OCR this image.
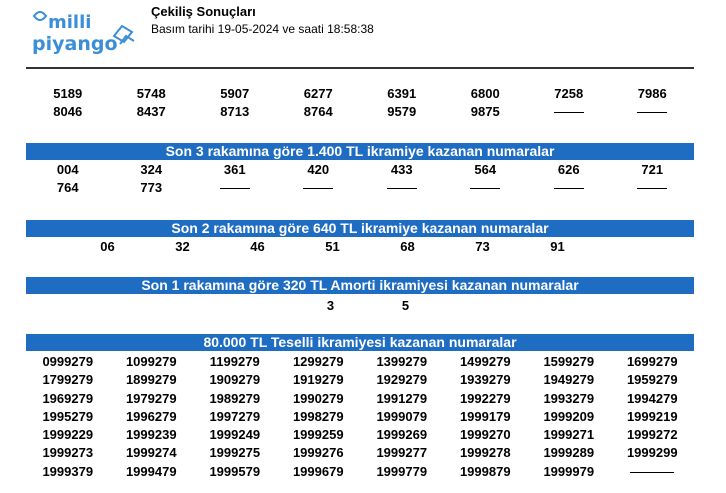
milli
piyango
Çekiliş Sonuçları
Basım tarihi 19-05-2024 ve saati 18:58:38
5189	5748	5907	6277	6391	6800	7258	7986
8046	8437	8713	8764	9579	9875
Son 3 rakamına göre 1.400 TL ikramiye kazanan numaralar
004	324	361	420	433	564	626	721
764	773
Son 2 rakamına göre 640 TL ikramiye kazanan numaralar
06	32	46	51	68	73	91
Son 1 rakamına göre 320 TL Amorti ikramiyesi kazanan numaralar
3	5
80.000 TL Teselli ikramiyesi kazanan numaralar
0999279	1099279	1199279	1299279	1399279	1499279	1599279	1699279
1799279	1899279	1909279	1919279	1929279	1939279	1949279	1959279
1969279	1979279	1989279	1990279	1991279	1992279	1993279	1994279
1995279	1996279	1997279	1998279	1999079	1999179	1999209	1999219
1999229	1999239	1999249	1999259	1999269	1999270	1999271	1999272
1999273	1999274	1999275	1999276	1999277	1999278	1999289	1999299
1999379	1999479	1999579	1999679	1999779	1999879	1999979
